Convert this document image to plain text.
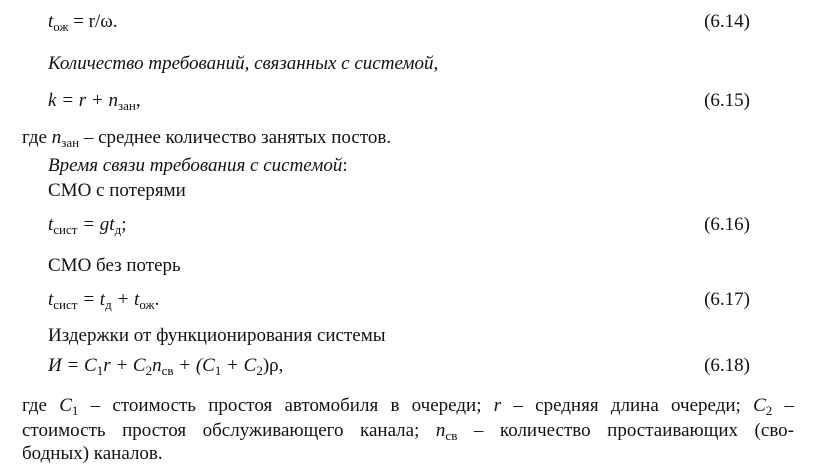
$t_{ож} = r/\omega$.	(6.14)
Количество требований, связанных с системой,
$k = r + n_{зан}$,	(6.15)
где $n_{зан}$ – среднее количество занятых постов.
Время связи требования с системой:
СМО с потерями
$t_{сист} = gt_д$;	(6.16)
СМО без потерь
$t_{сист} = t_д + t_{ож}$.	(6.17)
Издержки от функционирования системы
$И = C_1r + C_2n_{св} + (C_1 + C_2)\rho$,	(6.18)
где $C_1$ – стоимость простоя автомобиля в очереди; r – средняя длина очереди; $C_2$ –
стоимость простоя обслуживающего канала; $n_{св}$ – количество простаивающих (сво-
бодных) каналов.
